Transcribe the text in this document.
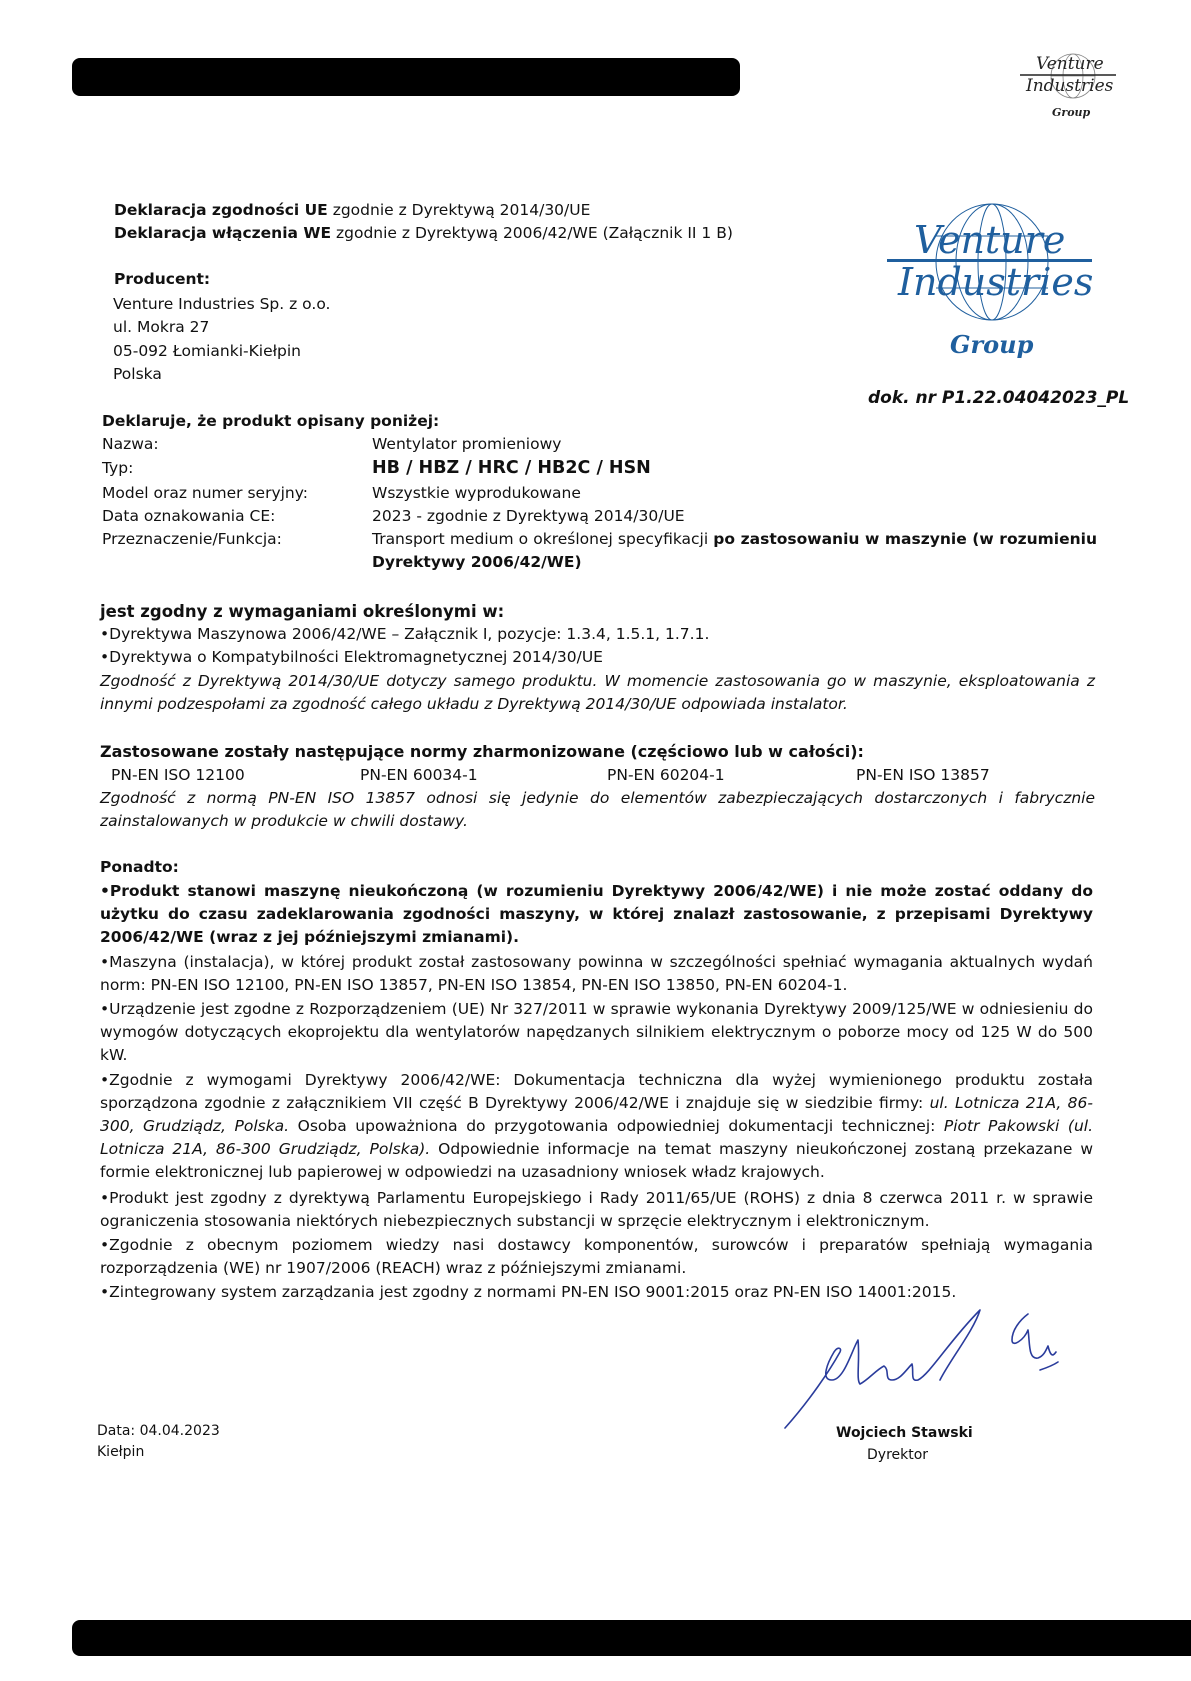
Venture
Industries
Group
Venture
Industries
Group
Deklaracja zgodności UE zgodnie z Dyrektywą 2014/30/UE
Deklaracja włączenia WE zgodnie z Dyrektywą 2006/42/WE (Załącznik II 1 B)
Producent:
Venture Industries Sp. z o.o.
ul. Mokra 27
05-092 Łomianki-Kiełpin
Polska
dok. nr P1.22.04042023_PL
Deklaruje, że produkt opisany poniżej:
Nazwa:	Wentylator promieniowy
Typ:	HB / HBZ / HRC / HB2C / HSN
Model oraz numer seryjny:	Wszystkie wyprodukowane
Data oznakowania CE:	2023 - zgodnie z Dyrektywą 2014/30/UE
Przeznaczenie/Funkcja:	Transport medium o określonej specyfikacji po zastosowaniu w maszynie (w rozumieniu Dyrektywy 2006/42/WE)

jest zgodny z wymaganiami określonymi w:
•Dyrektywa Maszynowa 2006/42/WE – Załącznik I, pozycje: 1.3.4, 1.5.1, 1.7.1.
•Dyrektywa o Kompatybilności Elektromagnetycznej 2014/30/UE

Zgodność z Dyrektywą 2014/30/UE dotyczy samego produktu. W momencie zastosowania go w maszynie, eksploatowania z innymi podzespołami za zgodność całego układu z Dyrektywą 2014/30/UE odpowiada instalator.

Zastosowane zostały następujące normy zharmonizowane (częściowo lub w całości):
PN-EN ISO 12100	PN-EN 60034-1	PN-EN 60204-1	PN-EN ISO 13857

Zgodność z normą PN-EN ISO 13857 odnosi się jedynie do elementów zabezpieczających dostarczonych i fabrycznie zainstalowanych w produkcie w chwili dostawy.

Ponadto:

•Produkt stanowi maszynę nieukończoną (w rozumieniu Dyrektywy 2006/42/WE) i nie może zostać oddany do użytku do czasu zadeklarowania zgodności maszyny, w której znalazł zastosowanie, z przepisami Dyrektywy 2006/42/WE (wraz z jej późniejszymi zmianami).

•Maszyna (instalacja), w której produkt został zastosowany powinna w szczególności spełniać wymagania aktualnych wydań norm: PN-EN ISO 12100, PN-EN ISO 13857, PN-EN ISO 13854, PN-EN ISO 13850, PN-EN 60204-1.

•Urządzenie jest zgodne z Rozporządzeniem (UE) Nr 327/2011 w sprawie wykonania Dyrektywy 2009/125/WE w odniesieniu do wymogów dotyczących ekoprojektu dla wentylatorów napędzanych silnikiem elektrycznym o poborze mocy od 125 W do 500 kW.

•Zgodnie z wymogami Dyrektywy 2006/42/WE: Dokumentacja techniczna dla wyżej wymienionego produktu została sporządzona zgodnie z załącznikiem VII część B Dyrektywy 2006/42/WE i znajduje się w siedzibie firmy: ul. Lotnicza 21A, 86-300, Grudziądz, Polska. Osoba upoważniona do przygotowania odpowiedniej dokumentacji technicznej: Piotr Pakowski (ul. Lotnicza 21A, 86-300 Grudziądz, Polska). Odpowiednie informacje na temat maszyny nieukończonej zostaną przekazane w formie elektronicznej lub papierowej w odpowiedzi na uzasadniony wniosek władz krajowych.

•Produkt jest zgodny z dyrektywą Parlamentu Europejskiego i Rady 2011/65/UE (ROHS) z dnia 8 czerwca 2011 r. w sprawie ograniczenia stosowania niektórych niebezpiecznych substancji w sprzęcie elektrycznym i elektronicznym.

•Zgodnie z obecnym poziomem wiedzy nasi dostawcy komponentów, surowców i preparatów spełniają wymagania rozporządzenia (WE) nr 1907/2006 (REACH) wraz z późniejszymi zmianami.

•Zintegrowany system zarządzania jest zgodny z normami PN-EN ISO 9001:2015 oraz PN-EN ISO 14001:2015.

Data: 04.04.2023
Kiełpin
Wojciech Stawski
Dyrektor
